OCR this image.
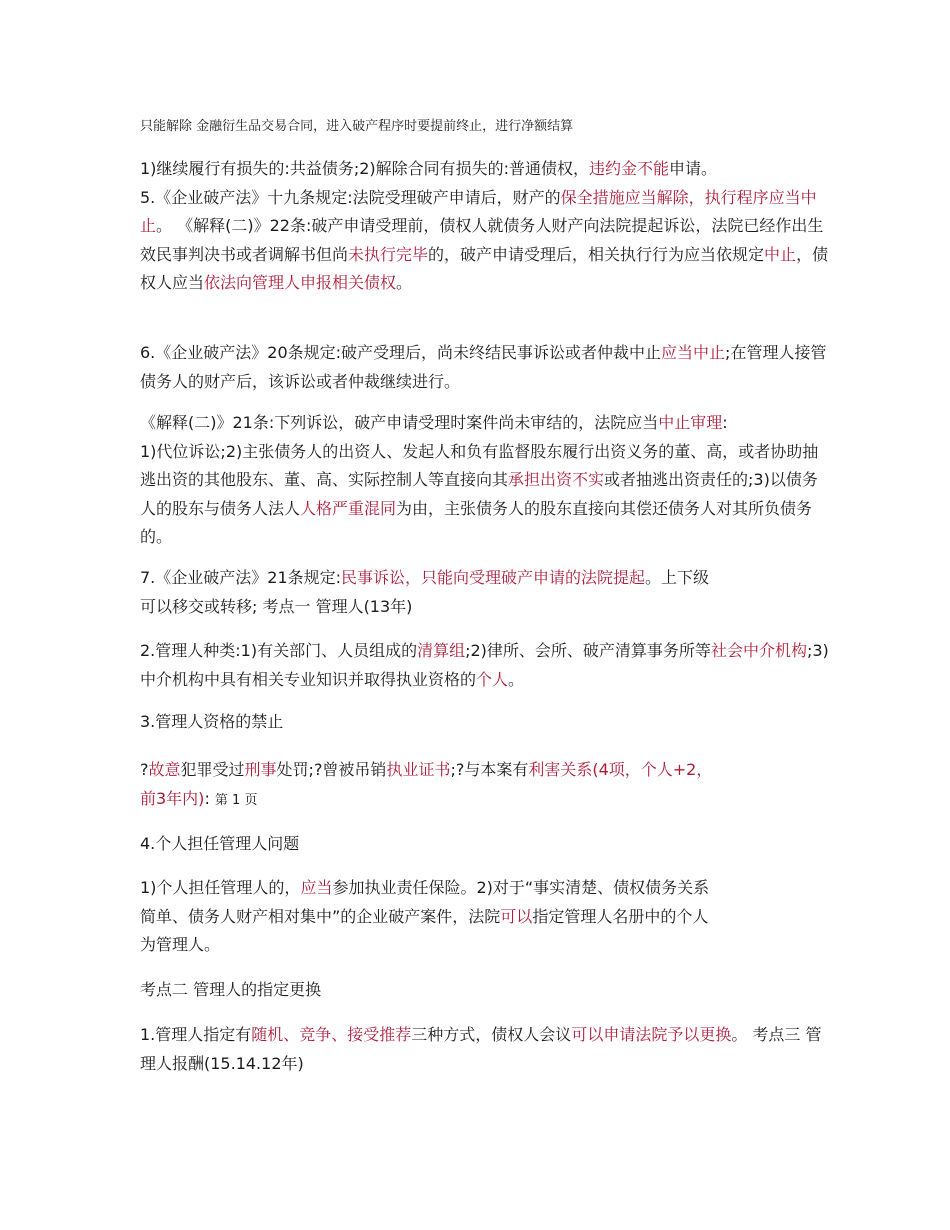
只能解除 金融衍生品交易合同，进入破产程序时要提前终止，进行净额结算
1)继续履行有损失的:共益债务;2)解除合同有损失的:普通债权，违约金不能申请。
5.《企业破产法》十九条规定:法院受理破产申请后，财产的保全措施应当解除，执行程序应当中止。 《解释(二)》22条:破产申请受理前，债权人就债务人财产向法院提起诉讼，法院已经作出生效民事判决书或者调解书但尚未执行完毕的，破产申请受理后，相关执行行为应当依规定中止，债权人应当依法向管理人申报相关债权。
6.《企业破产法》20条规定:破产受理后，尚未终结民事诉讼或者仲裁中止应当中止;在管理人接管债务人的财产后，该诉讼或者仲裁继续进行。
《解释(二)》21条:下列诉讼，破产申请受理时案件尚未审结的，法院应当中止审理:
1)代位诉讼;2)主张债务人的出资人、发起人和负有监督股东履行出资义务的董、高，或者协助抽逃出资的其他股东、董、高、实际控制人等直接向其承担出资不实或者抽逃出资责任的;3)以债务人的股东与债务人法人人格严重混同为由，主张债务人的股东直接向其偿还债务人对其所负债务的。
7.《企业破产法》21条规定:民事诉讼，只能向受理破产申请的法院提起。上下级
可以移交或转移; 考点一 管理人(13年)
2.管理人种类:1)有关部门、人员组成的清算组;2)律所、会所、破产清算事务所等社会中介机构;3)中介机构中具有相关专业知识并取得执业资格的个人。
3.管理人资格的禁止
?故意犯罪受过刑事处罚;?曾被吊销执业证书;?与本案有利害关系(4项，个人+2，
前3年内): 第 1 页
4.个人担任管理人问题
1)个人担任管理人的，应当参加执业责任保险。2)对于“事实清楚、债权债务关系
简单、债务人财产相对集中”的企业破产案件，法院可以指定管理人名册中的个人
为管理人。
考点二 管理人的指定更换
1.管理人指定有随机、竞争、接受推荐三种方式，债权人会议可以申请法院予以更换。 考点三 管理人报酬(15.14.12年)
